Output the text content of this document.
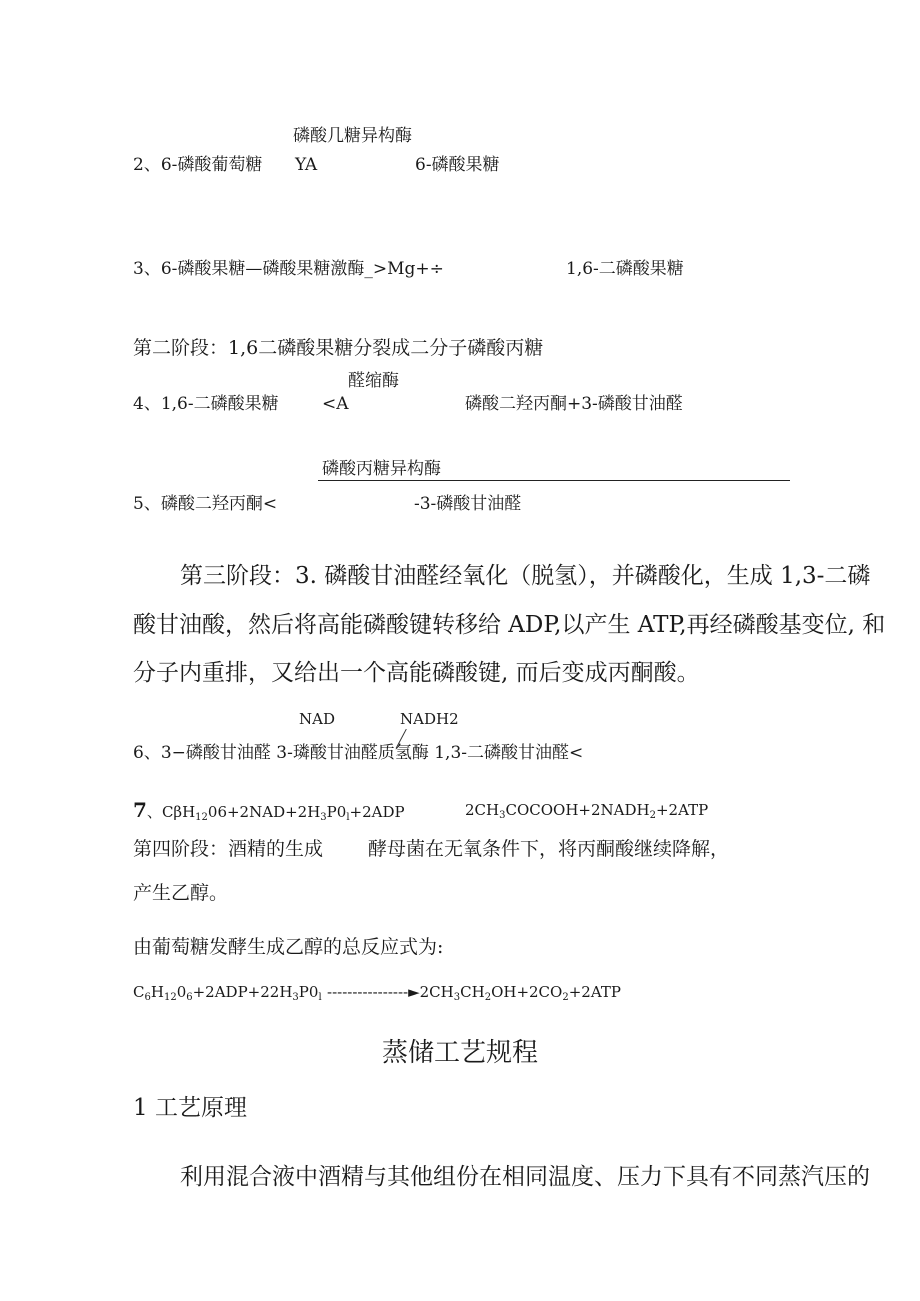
磷酸几糖异构酶
2、6-磷酸葡萄糖 YA	6-磷酸果糖
3、6-磷酸果糖—磷酸果糖激酶_>Mg+÷	1,6-二磷酸果糖
第二阶段：1,6二磷酸果糖分裂成二分子磷酸丙糖
醛缩酶
4、1,6-二磷酸果糖	<A	磷酸二羟丙酮+3-磷酸甘油醛
磷酸丙糖异构酶
5、磷酸二羟丙酮<	-3-磷酸甘油醛
第三阶段：3. 磷酸甘油醛经氧化（脱氢），并磷酸化，生成 1,3-二磷
酸甘油酸，然后将高能磷酸键转移给 ADP,以产生 ATP,再经磷酸基变位, 和
分子内重排，又给出一个高能磷酸键, 而后变成丙酮酸。
NAD	NADH2
6、3−磷酸甘油醛 3-璘酸甘油醛质氢酶 1,3-二磷酸甘油醛<
7、$C\beta H_{12}06+2NAD+2H_3P0_l+2ADP$	$2CH_3COCOOH+2NADH_2+2ATP$
第四阶段：酒精的生成 酵母菌在无氧条件下，将丙酮酸继续降解，
产生乙醇。
由葡萄糖发酵生成乙醇的总反应式为:
$C_6H_{12}0_6+2ADP+22H_3P0_l$ $----------------►2CH_3CH_2OH+2CO_2+2ATP$
蒸储工艺规程
1 工艺原理
利用混合液中酒精与其他组份在相同温度、压力下具有不同蒸汽压的
